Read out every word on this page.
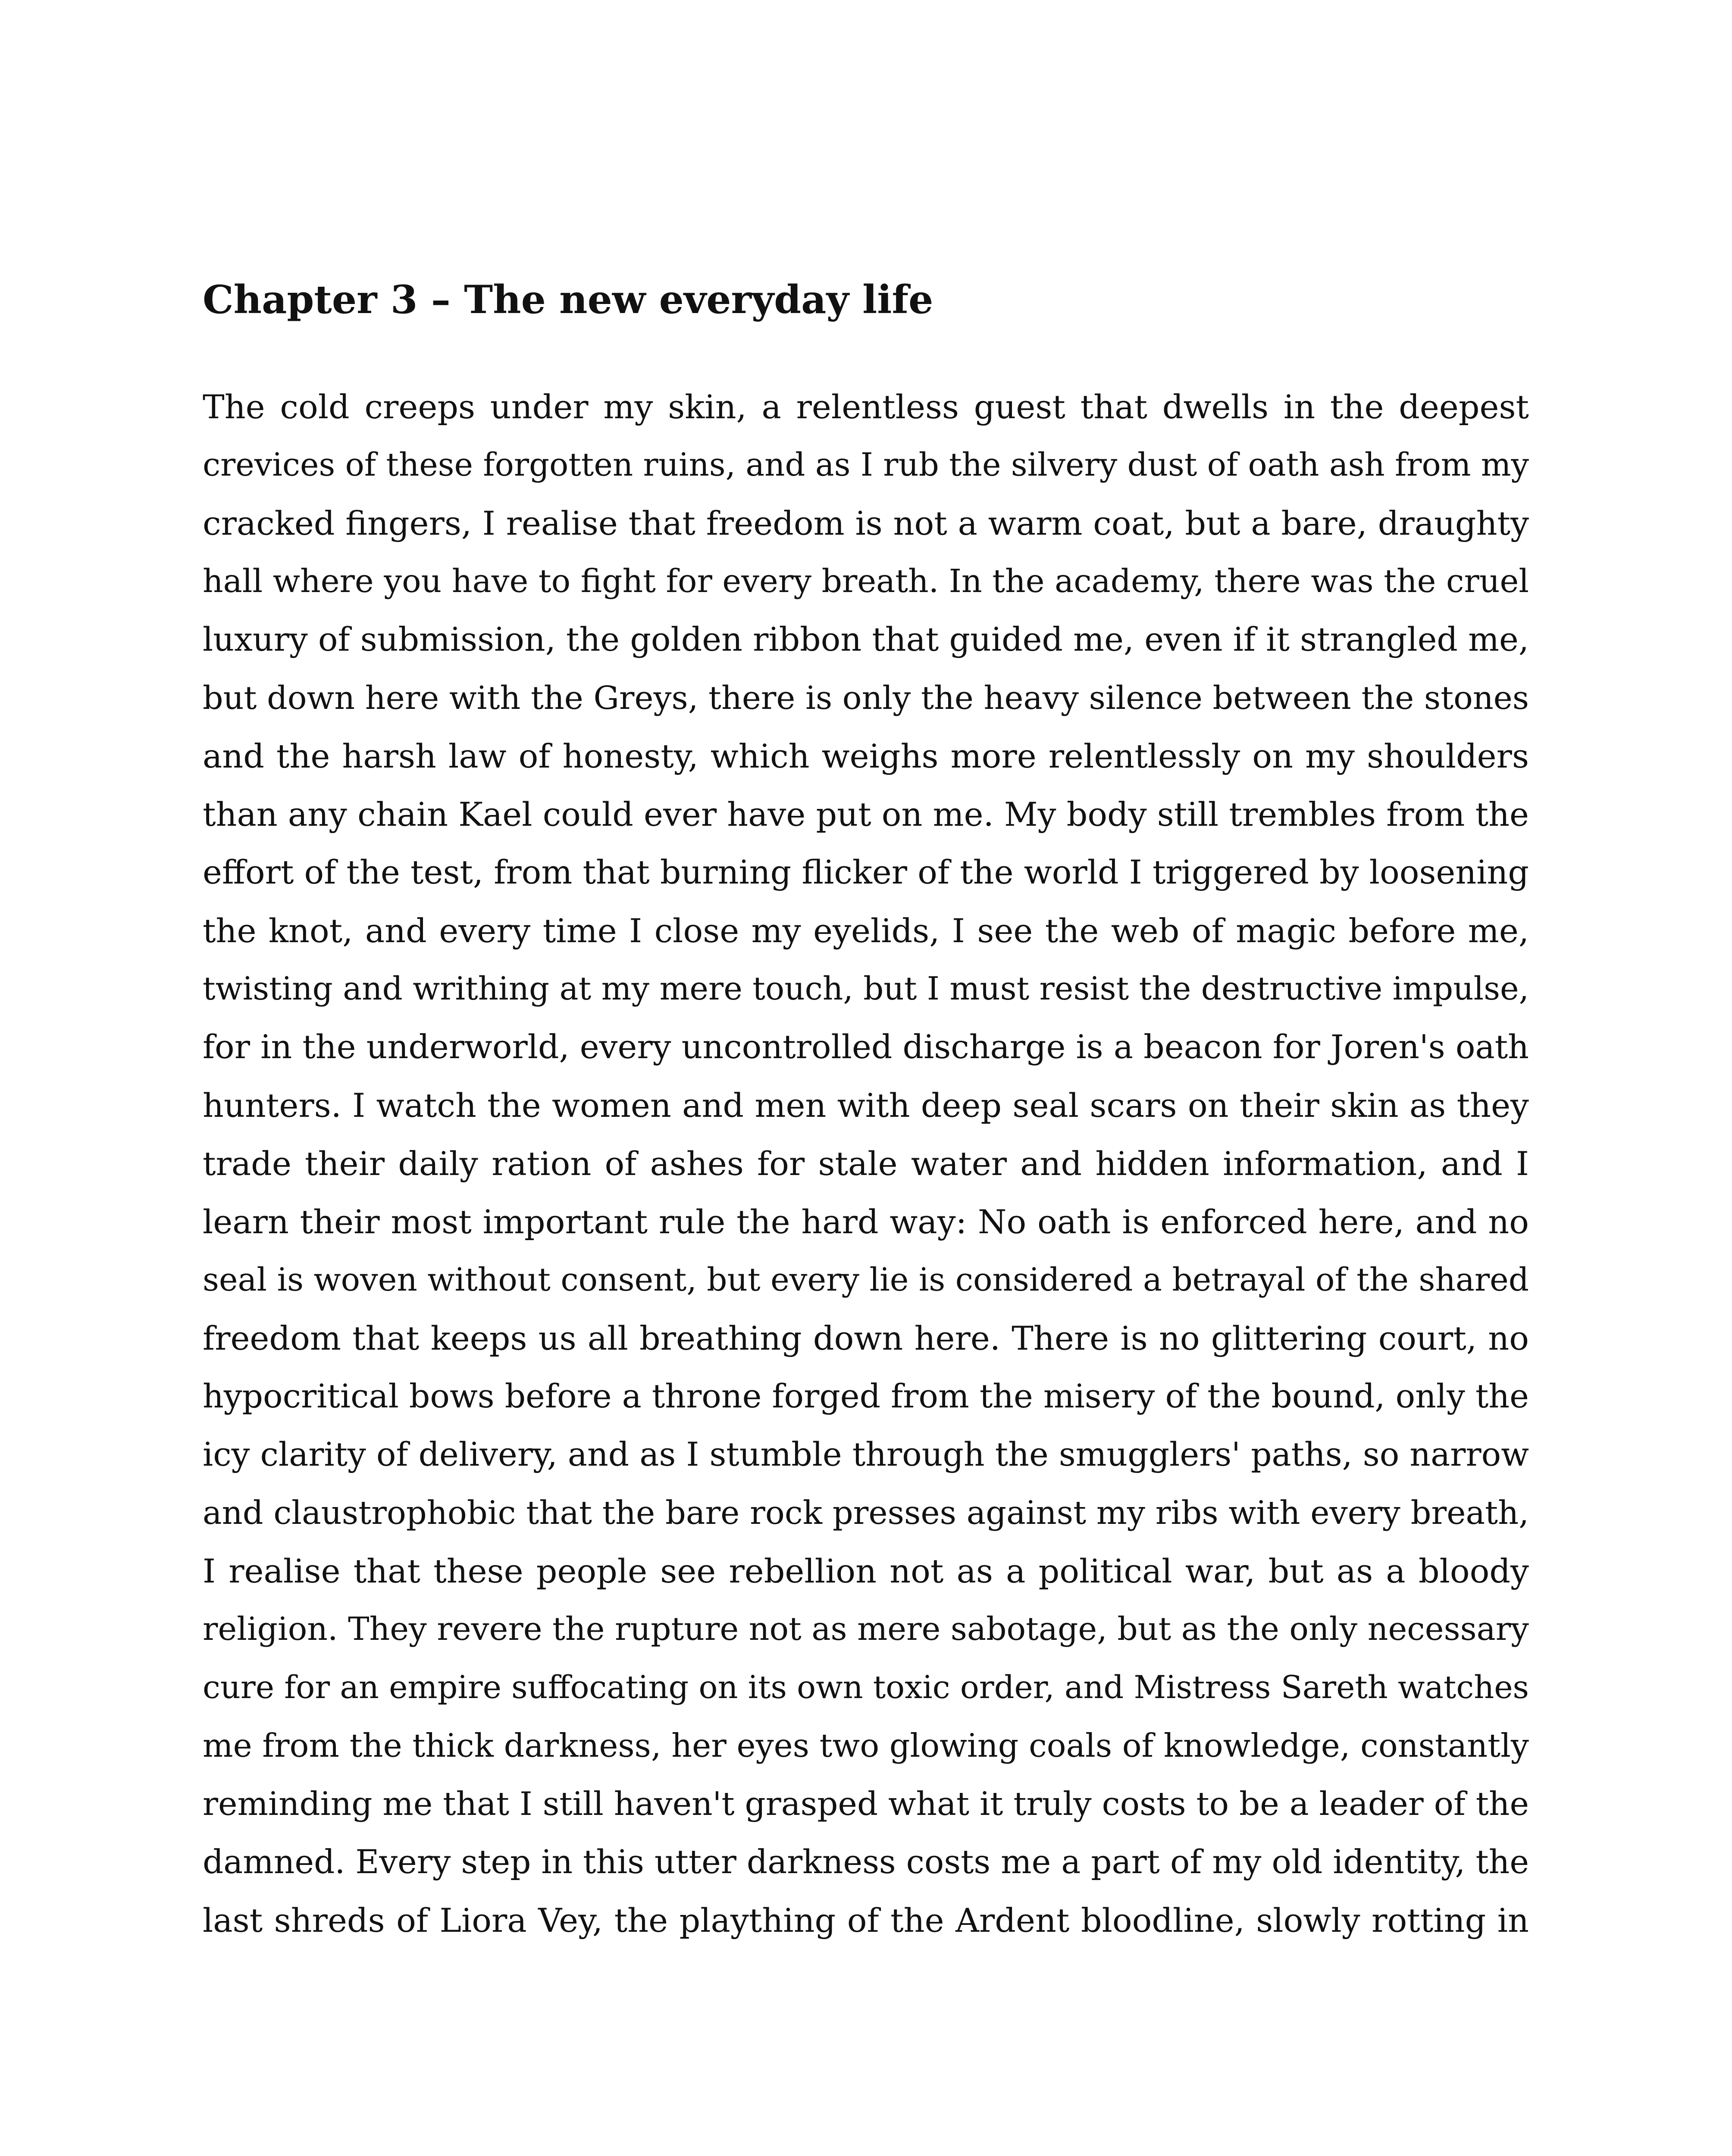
Chapter 3 – The new everyday life
The cold creeps under my skin, a relentless guest that dwells in the deepest
crevices of these forgotten ruins, and as I rub the silvery dust of oath ash from my
cracked fingers, I realise that freedom is not a warm coat, but a bare, draughty
hall where you have to fight for every breath. In the academy, there was the cruel
luxury of submission, the golden ribbon that guided me, even if it strangled me,
but down here with the Greys, there is only the heavy silence between the stones
and the harsh law of honesty, which weighs more relentlessly on my shoulders
than any chain Kael could ever have put on me. My body still trembles from the
effort of the test, from that burning flicker of the world I triggered by loosening
the knot, and every time I close my eyelids, I see the web of magic before me,
twisting and writhing at my mere touch, but I must resist the destructive impulse,
for in the underworld, every uncontrolled discharge is a beacon for Joren's oath
hunters. I watch the women and men with deep seal scars on their skin as they
trade their daily ration of ashes for stale water and hidden information, and I
learn their most important rule the hard way: No oath is enforced here, and no
seal is woven without consent, but every lie is considered a betrayal of the shared
freedom that keeps us all breathing down here. There is no glittering court, no
hypocritical bows before a throne forged from the misery of the bound, only the
icy clarity of delivery, and as I stumble through the smugglers' paths, so narrow
and claustrophobic that the bare rock presses against my ribs with every breath,
I realise that these people see rebellion not as a political war, but as a bloody
religion. They revere the rupture not as mere sabotage, but as the only necessary
cure for an empire suffocating on its own toxic order, and Mistress Sareth watches
me from the thick darkness, her eyes two glowing coals of knowledge, constantly
reminding me that I still haven't grasped what it truly costs to be a leader of the
damned. Every step in this utter darkness costs me a part of my old identity, the
last shreds of Liora Vey, the plaything of the Ardent bloodline, slowly rotting in
